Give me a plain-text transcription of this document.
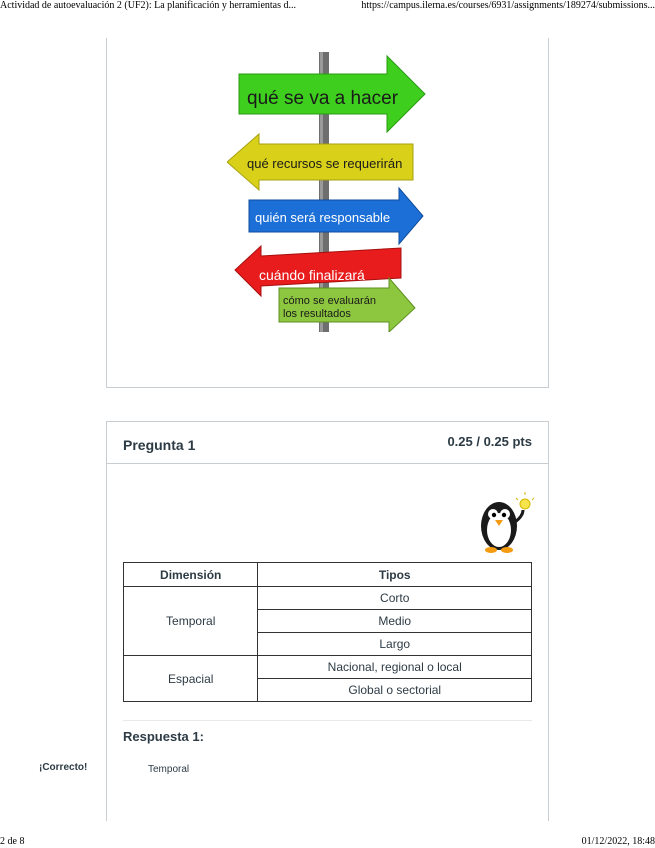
Actividad de autoevaluación 2 (UF2): La planificación y herramientas d...	https://campus.ilerna.es/courses/6931/assignments/189274/submissions...
qué se va a hacer
qué recursos se requerirán
quién será responsable
cuándo finalizará
cómo se evaluarán
los resultados
Pregunta 1	0.25 / 0.25 pts
Dimensión	Tipos
Temporal	Corto
	Medio
	Largo
Espacial	Nacional, regional o local
	Global o sectorial
Respuesta 1:
¡Correcto!	Temporal
2 de 8	01/12/2022, 18:48
